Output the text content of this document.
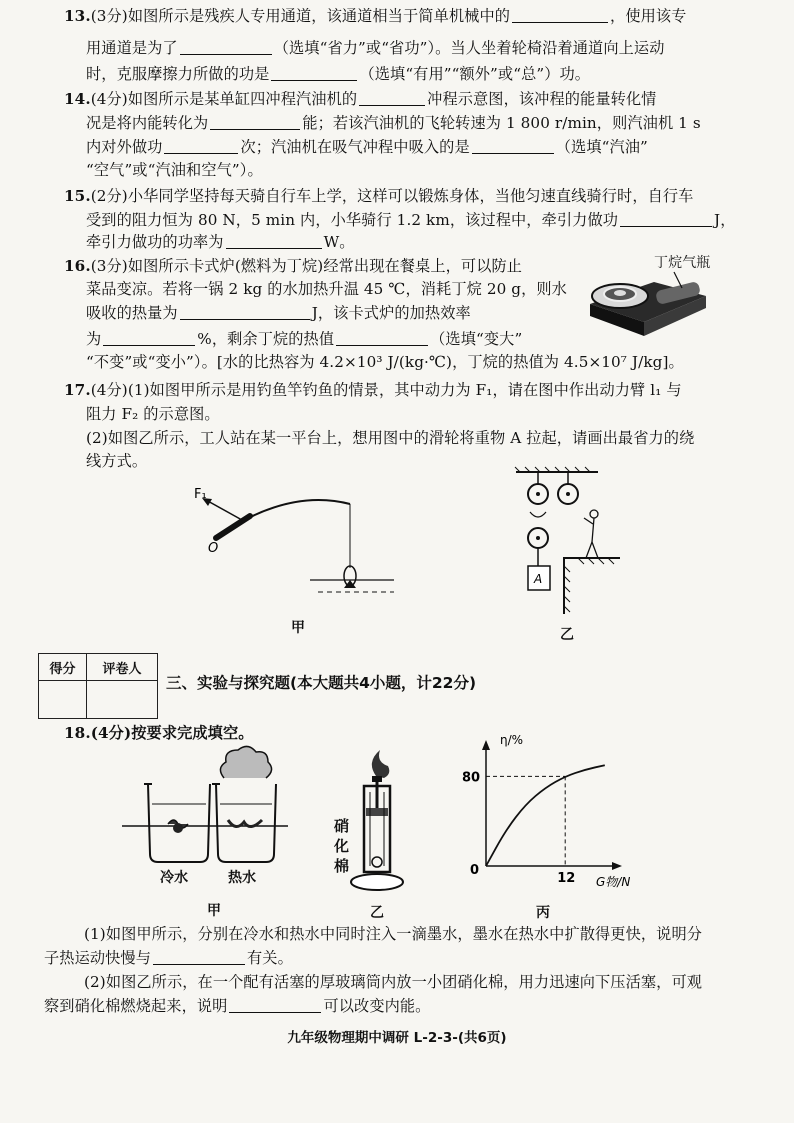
13.(3分)如图所示是残疾人专用通道，该通道相当于简单机械中的	，使用该专
用通道是为了	（选填“省力”或“省功”）。当人坐着轮椅沿着通道向上运动
时，克服摩擦力所做的功是	（选填“有用”“额外”或“总”）功。
14.(4分)如图所示是某单缸四冲程汽油机的	冲程示意图，该冲程的能量转化情
况是将内能转化为	能；若该汽油机的飞轮转速为 1 800 r/min，则汽油机 1 s
内对外做功	次；汽油机在吸气冲程中吸入的是	（选填“汽油”
“空气”或“汽油和空气”）。
15.(2分)小华同学坚持每天骑自行车上学，这样可以锻炼身体，当他匀速直线骑行时，自行车
受到的阻力恒为 80 N，5 min 内，小华骑行 1.2 km，该过程中，牵引力做功	J，
牵引力做功的功率为	W。
16.(3分)如图所示卡式炉(燃料为丁烷)经常出现在餐桌上，可以防止
菜品变凉。若将一锅 2 kg 的水加热升温 45 ℃，消耗丁烷 20 g，则水
吸收的热量为	J，该卡式炉的加热效率
为	%，剩余丁烷的热值	（选填“变大”
“不变”或“变小”）。[水的比热容为 4.2×10³ J/(kg·℃)，丁烷的热值为 4.5×10⁷ J/kg]。
丁烷气瓶
17.(4分)(1)如图甲所示是用钓鱼竿钓鱼的情景，其中动力为 F₁，请在图中作出动力臂 l₁ 与
阻力 F₂ 的示意图。
(2)如图乙所示，工人站在某一平台上，想用图中的滑轮将重物 A 拉起，请画出最省力的绕
线方式。
F₁
O
甲
A
乙
得分	评卷人

三、实验与探究题(本大题共4小题，计22分)
18.(4分)按要求完成填空。
冷水	热水
甲
硝化棉
乙
η/%
80
12
0
G物/N
丙
(1)如图甲所示，分别在冷水和热水中同时注入一滴墨水，墨水在热水中扩散得更快，说明分
子热运动快慢与	有关。
(2)如图乙所示，在一个配有活塞的厚玻璃筒内放一小团硝化棉，用力迅速向下压活塞，可观
察到硝化棉燃烧起来，说明	可以改变内能。
九年级物理期中调研 L-2-3-(共6页)
